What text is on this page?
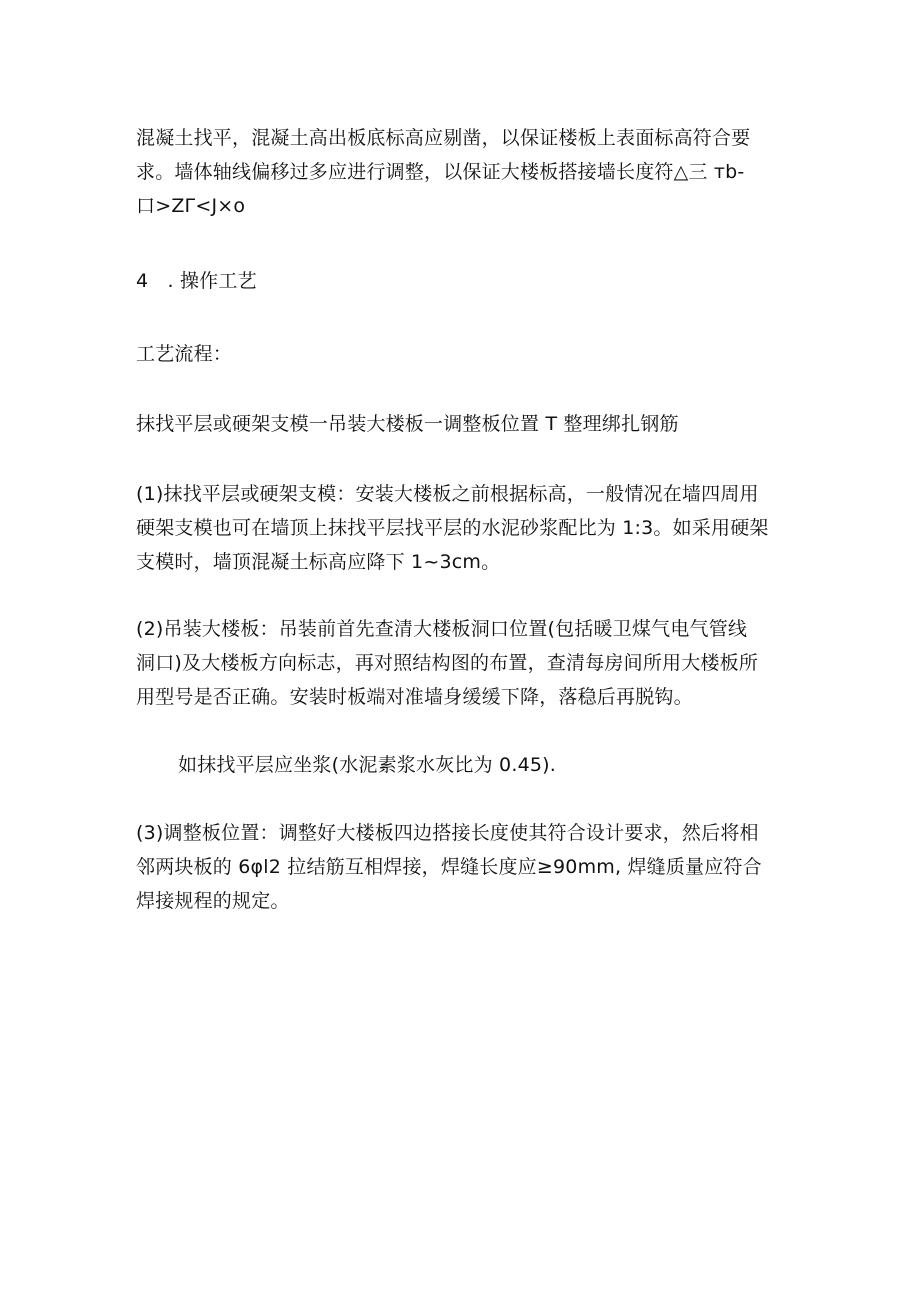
混凝土找平，混凝土高出板底标高应剔凿，以保证楼板上表面标高符合要
求。墙体轴线偏移过多应进行调整，以保证大楼板搭接墙长度符△三 тb-
口>ZΓ<J×o
4　. 操作工艺
工艺流程：
抹找平层或硬架支模一吊装大楼板一调整板位置 T 整理绑扎钢筋
(1)抹找平层或硬架支模：安装大楼板之前根据标高，一般情况在墙四周用
硬架支模也可在墙顶上抹找平层找平层的水泥砂浆配比为 1:3。如采用硬架
支模时，墙顶混凝土标高应降下 1~3cm。
(2)吊装大楼板：吊装前首先查清大楼板洞口位置(包括暖卫煤气电气管线
洞口)及大楼板方向标志，再对照结构图的布置，查清每房间所用大楼板所
用型号是否正确。安装时板端对准墙身缓缓下降，落稳后再脱钩。
如抹找平层应坐浆(水泥素浆水灰比为 0.45).
(3)调整板位置：调整好大楼板四边搭接长度使其符合设计要求，然后将相
邻两块板的 6φl2 拉结筋互相焊接，焊缝长度应≥90mm, 焊缝质量应符合
焊接规程的规定。
